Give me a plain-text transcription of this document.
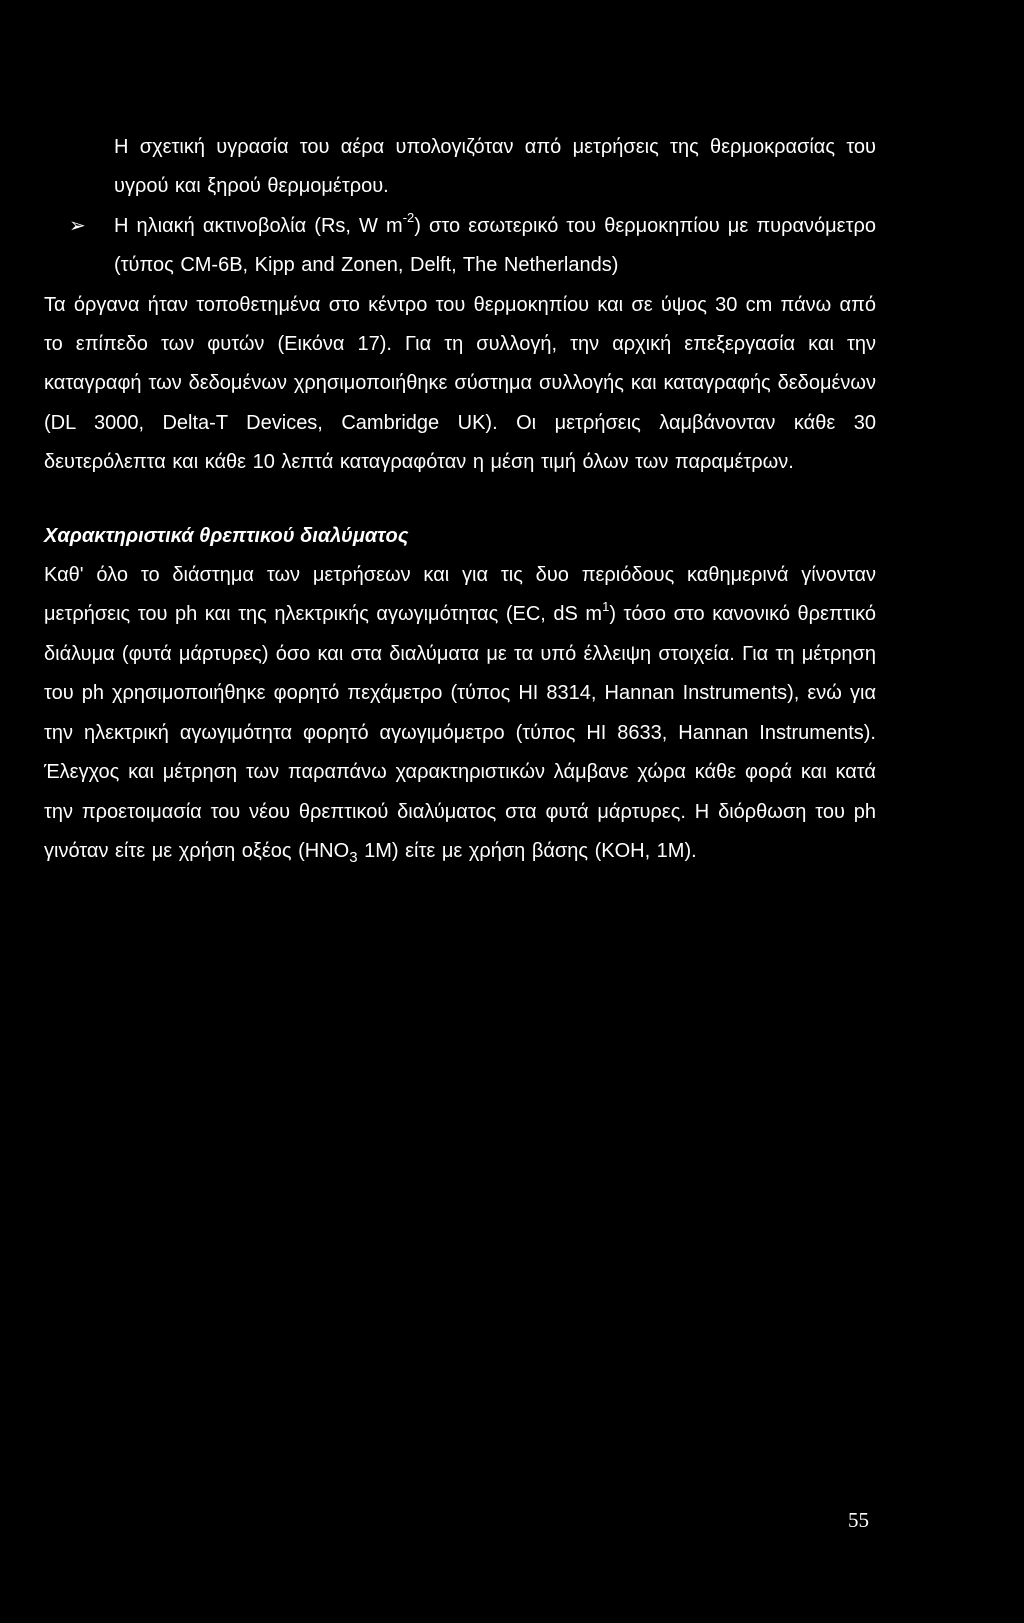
Η σχετική υγρασία του αέρα υπολογιζόταν από μετρήσεις της θερμοκρασίας του υγρού και ξηρού θερμομέτρου.

➢	Η ηλιακή ακτινοβολία (Rs, W $m^{-2}$) στο εσωτερικό του θερμοκηπίου με πυρανόμετρο (τύπος CM-6B, Kipp and Zonen, Delft, The Netherlands)

Τα όργανα ήταν τοποθετημένα στο κέντρο του θερμοκηπίου και σε ύψος 30 cm πάνω από το επίπεδο των φυτών (Εικόνα 17). Για τη συλλογή, την αρχική επεξεργασία και την καταγραφή των δεδομένων χρησιμοποιήθηκε σύστημα συλλογής και καταγραφής δεδομένων (DL 3000, Delta-T Devices, Cambridge UK). Οι μετρήσεις λαμβάνονταν κάθε 30 δευτερόλεπτα και κάθε 10 λεπτά καταγραφόταν η μέση τιμή όλων των παραμέτρων.

Χαρακτηριστικά θρεπτικού διαλύματος

Καθ' όλο το διάστημα των μετρήσεων και για τις δυο περιόδους καθημερινά γίνονταν μετρήσεις του ph και της ηλεκτρικής αγωγιμότητας (EC, dS $m^1$) τόσο στο κανονικό θρεπτικό διάλυμα (φυτά μάρτυρες) όσο και στα διαλύματα με τα υπό έλλειψη στοιχεία. Για τη μέτρηση του ph χρησιμοποιήθηκε φορητό πεχάμετρο (τύπος HI 8314, Hannan Instruments), ενώ για την ηλεκτρική αγωγιμότητα φορητό αγωγιμόμετρο (τύπος HI 8633, Hannan Instruments). Έλεγχος και μέτρηση των παραπάνω χαρακτηριστικών λάμβανε χώρα κάθε φορά και κατά την προετοιμασία του νέου θρεπτικού διαλύματος στα φυτά μάρτυρες. Η διόρθωση του ph γινόταν είτε με χρήση οξέος ($HNO_3$ 1M) είτε με χρήση βάσης (KOH, 1M).

55
